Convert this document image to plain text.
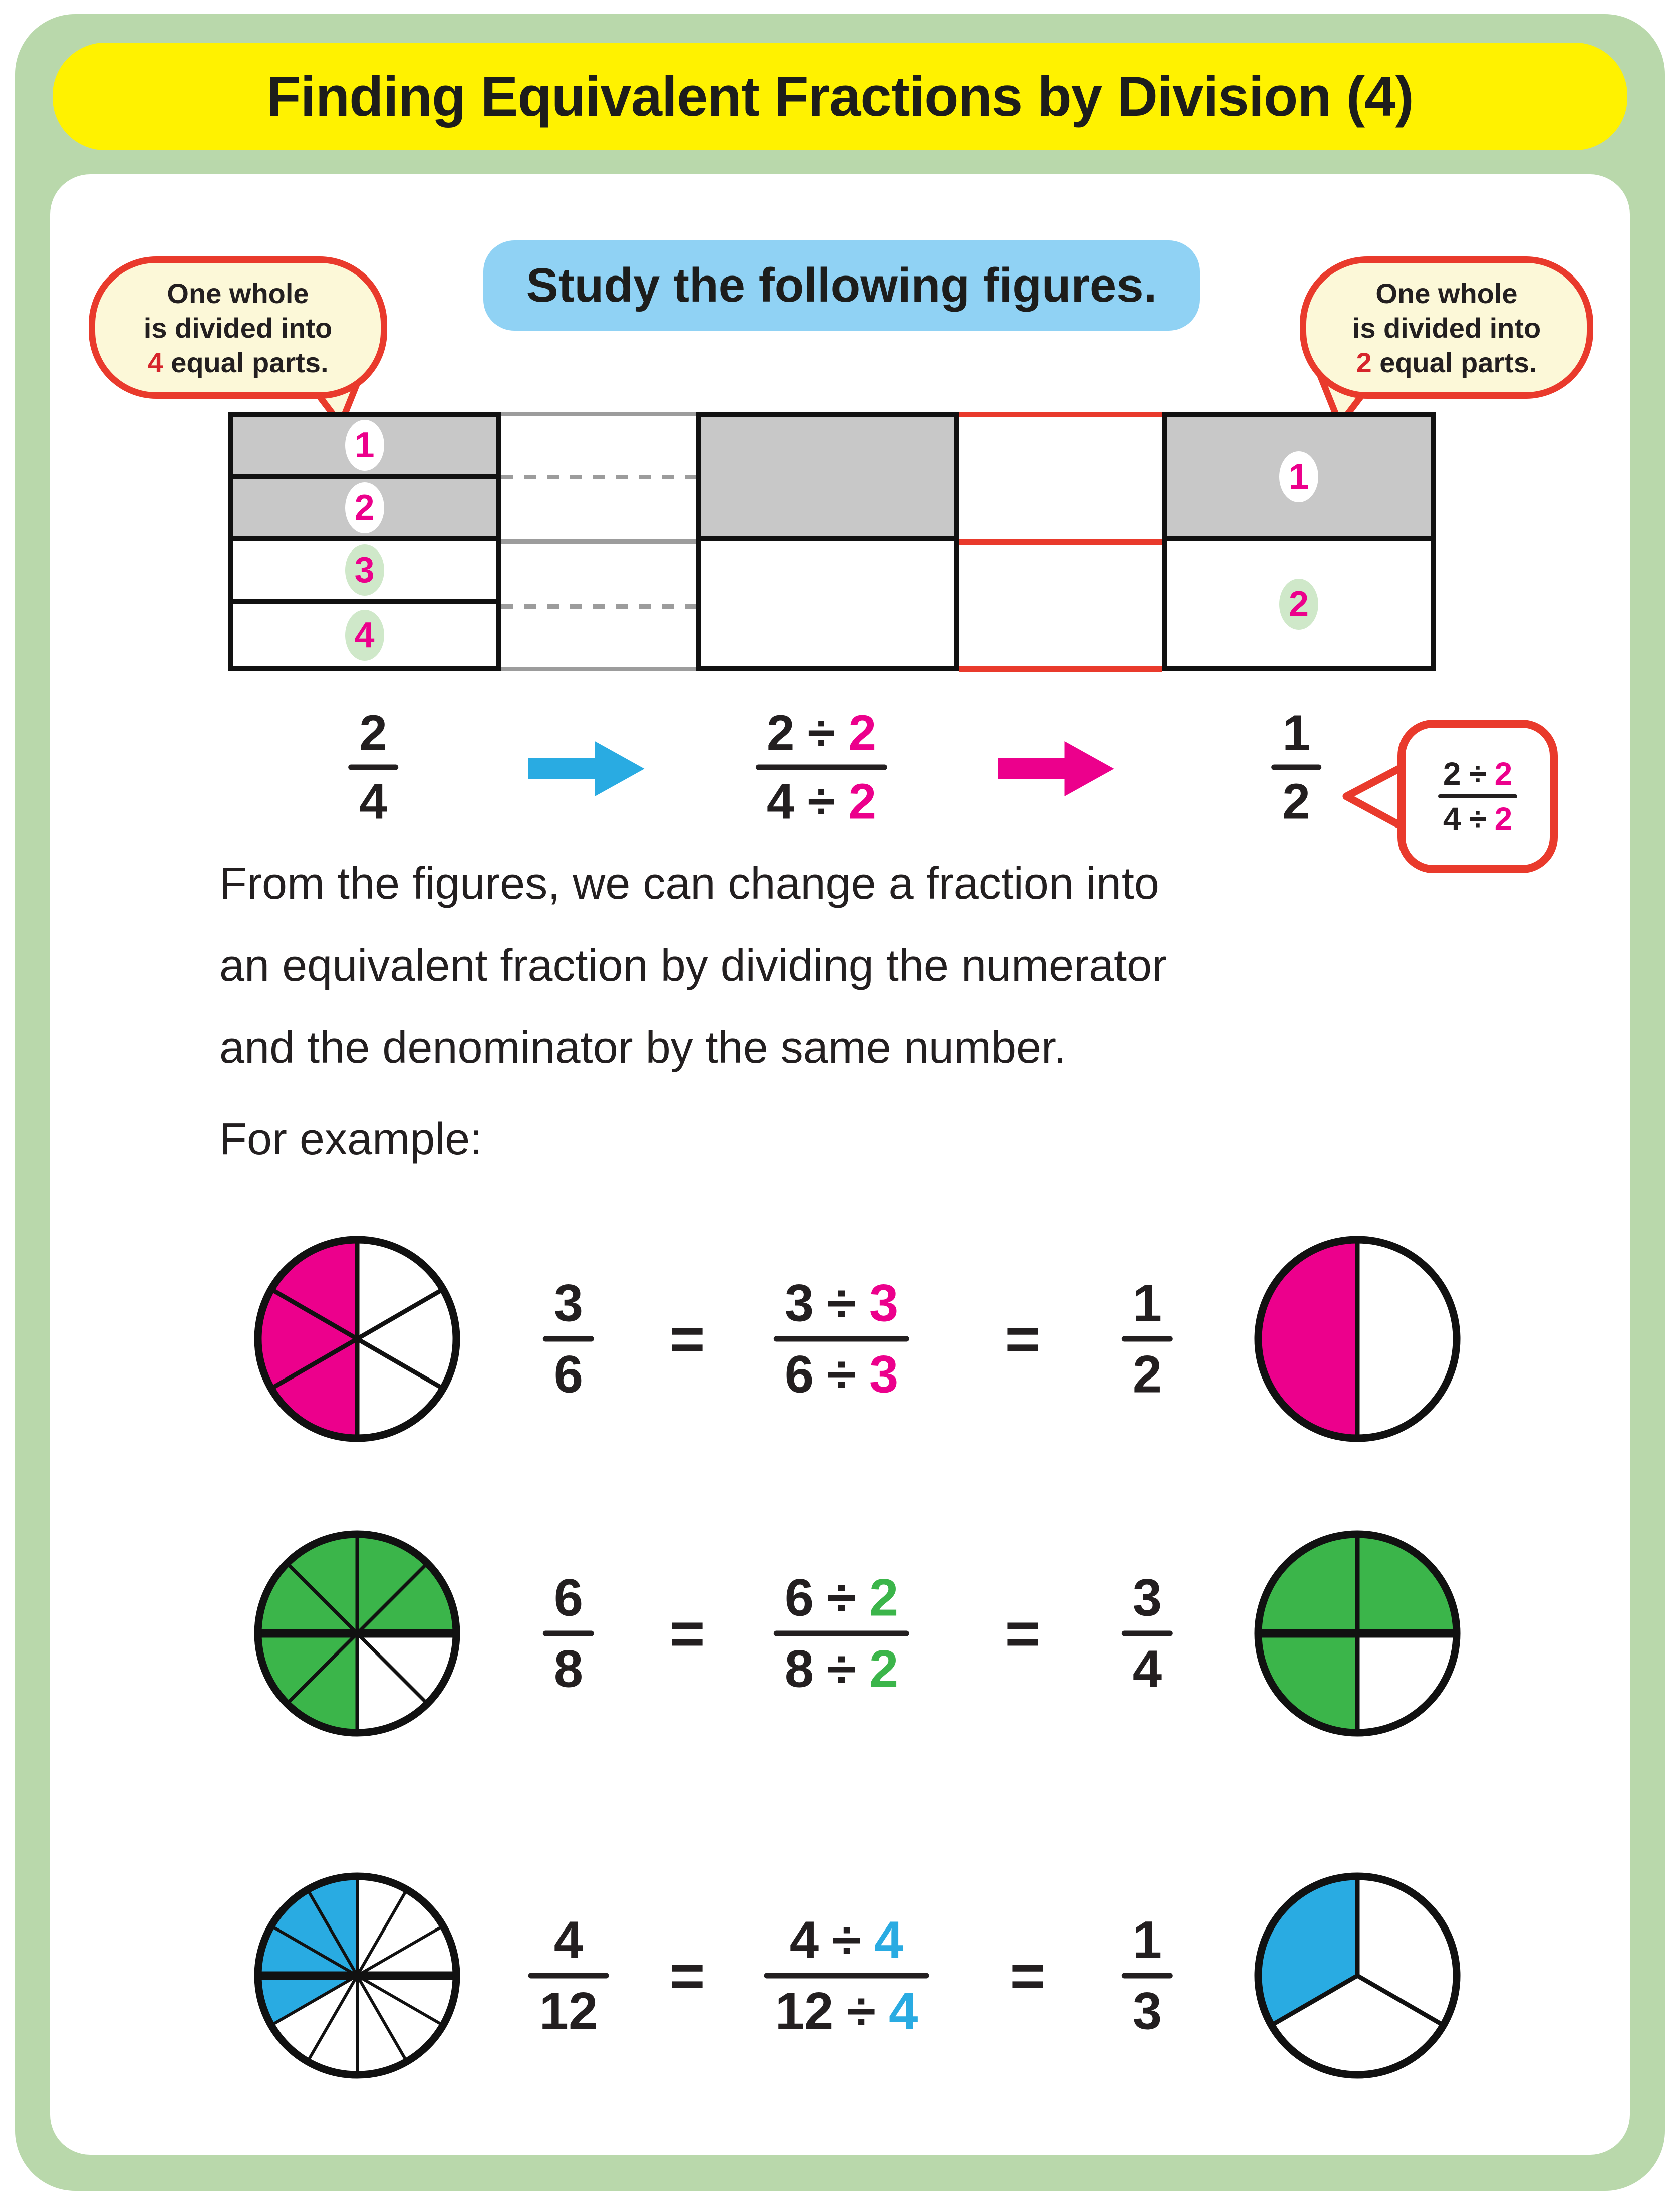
Finding Equivalent Fractions by Division (4)
Study the following figures.

One whole

is divided into

4 equal parts.

One whole

is divided into

2 equal parts.

1
2
3
4
1
2
2
4
2 ÷ 2
4 ÷ 2
1
2	2 ÷ 2
4 ÷ 2
From the figures, we can change a fraction into
an equivalent fraction by dividing the numerator
and the denominator by the same number.
For example:
3
6
=
3 ÷ 3
6 ÷ 3
=
1
2
6
8
=
6 ÷ 2
8 ÷ 2
=
3
4
4
12
=
4 ÷ 4
12 ÷ 4
=
1
3
